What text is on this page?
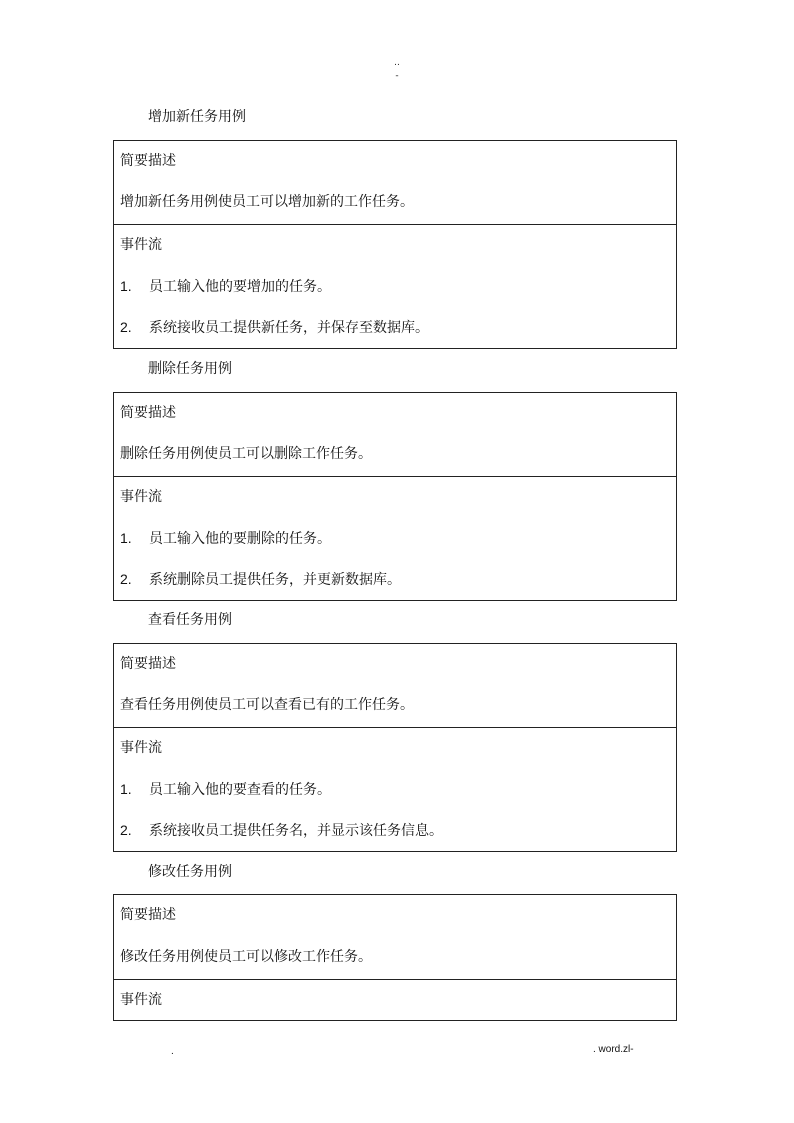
..
-
增加新任务用例
简要描述
增加新任务用例使员工可以增加新的工作任务。
事件流
1. 员工输入他的要增加的任务。
2. 系统接收员工提供新任务，并保存至数据库。
删除任务用例
简要描述
删除任务用例使员工可以删除工作任务。
事件流
1. 员工输入他的要删除的任务。
2. 系统删除员工提供任务，并更新数据库。
查看任务用例
简要描述
查看任务用例使员工可以查看已有的工作任务。
事件流
1. 员工输入他的要查看的任务。
2. 系统接收员工提供任务名，并显示该任务信息。
修改任务用例
简要描述
修改任务用例使员工可以修改工作任务。
事件流
.	. word.zl-
